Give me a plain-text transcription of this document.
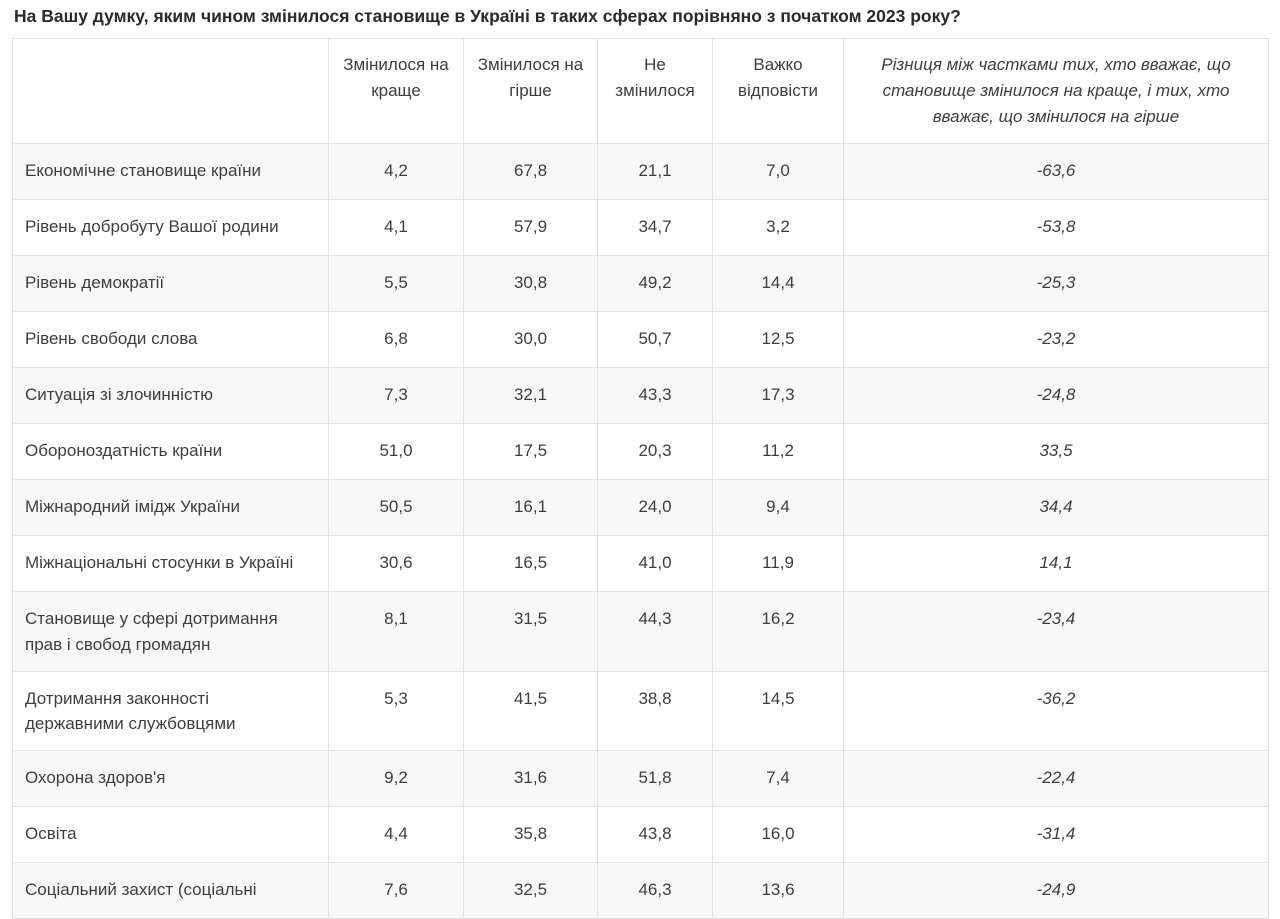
На Вашу думку, яким чином змінилося становище в Україні в таких сферах порівняно з початком 2023 року?
	Змінилося на краще	Змінилося на гірше	Не змінилося	Важко відповісти	Різниця між частками тих, хто вважає, що становище змінилося на краще, і тих, хто вважає, що змінилося на гірше
Економічне становище країни	4,2	67,8	21,1	7,0	-63,6
Рівень добробуту Вашої родини	4,1	57,9	34,7	3,2	-53,8
Рівень демократії	5,5	30,8	49,2	14,4	-25,3
Рівень свободи слова	6,8	30,0	50,7	12,5	-23,2
Ситуація зі злочинністю	7,3	32,1	43,3	17,3	-24,8
Обороноздатність країни	51,0	17,5	20,3	11,2	33,5
Міжнародний імідж України	50,5	16,1	24,0	9,4	34,4
Міжнаціональні стосунки в Україні	30,6	16,5	41,0	11,9	14,1
Становище у сфері дотримання прав і свобод громадян	8,1	31,5	44,3	16,2	-23,4
Дотримання законності державними службовцями	5,3	41,5	38,8	14,5	-36,2
Охорона здоров'я	9,2	31,6	51,8	7,4	-22,4
Освіта	4,4	35,8	43,8	16,0	-31,4
Соціальний захист (соціальні	7,6	32,5	46,3	13,6	-24,9
